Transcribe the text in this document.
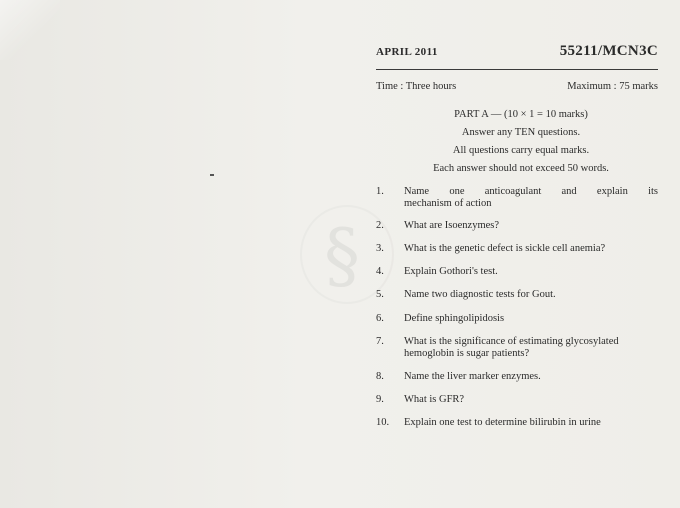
§
APRIL 2011	55211/MCN3C
Time : Three hours	Maximum : 75 marks
PART A — (10 × 1 = 10 marks)
Answer any TEN questions.
All questions carry equal marks.
Each answer should not exceed 50 words.
1.	Name one anticoagulant and explain its
mechanism of action
2.	What are Isoenzymes?
3.	What is the genetic defect is sickle cell anemia?
4.	Explain Gothori's test.
5.	Name two diagnostic tests for Gout.
6.	Define sphingolipidosis
7.	What is the significance of estimating glycosylated
hemoglobin is sugar patients?
8.	Name the liver marker enzymes.
9.	What is GFR?
10.	Explain one test to determine bilirubin in urine
